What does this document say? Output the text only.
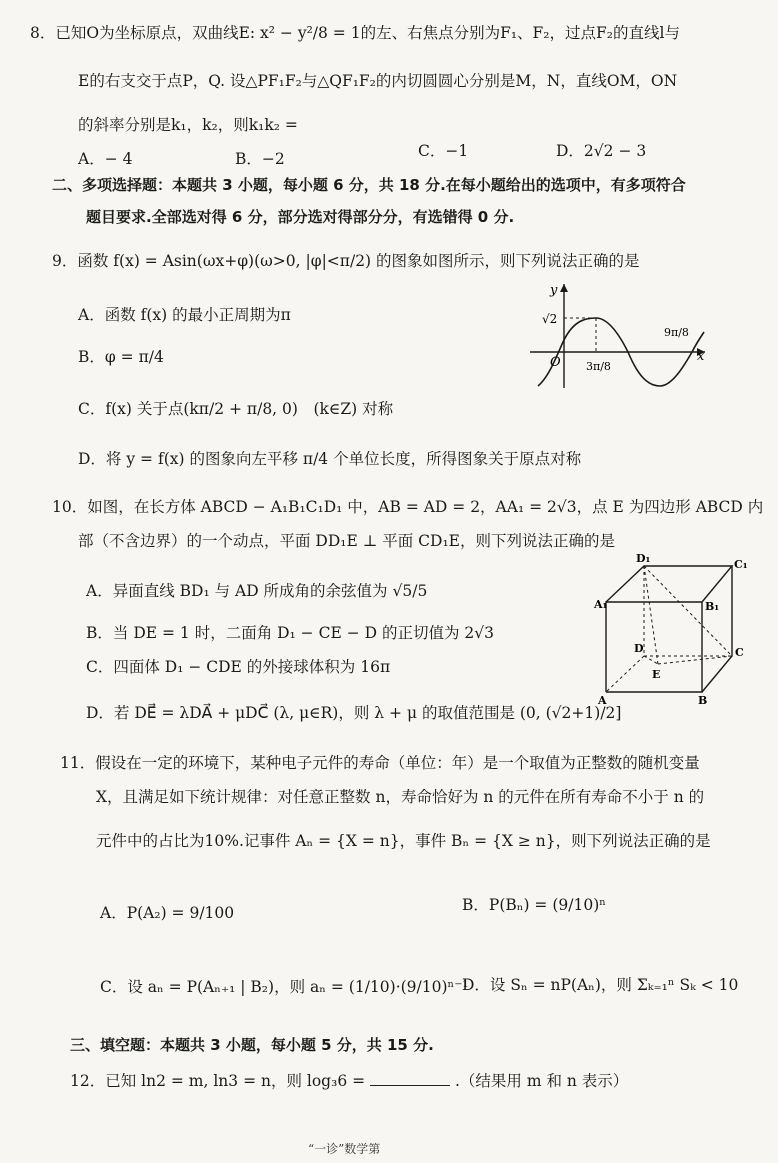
8．已知O为坐标原点，双曲线E: x² − y²/8 = 1的左、右焦点分别为F₁、F₂，过点F₂的直线l与
E的右支交于点P，Q. 设△PF₁F₂与△QF₁F₂的内切圆圆心分别是M，N，直线OM，ON
的斜率分别是k₁，k₂，则k₁k₂ =
A．− 4	B．−2	C．−1	D．2√2 − 3
二、多项选择题：本题共 3 小题，每小题 6 分，共 18 分.在每小题给出的选项中，有多项符合
题目要求.全部选对得 6 分，部分选对得部分分，有选错得 0 分.
9．函数 f(x) = Asin(ωx+φ)(ω>0, |φ|<π/2) 的图象如图所示，则下列说法正确的是
A．函数 f(x) 的最小正周期为π
B．φ = π/4
C．f(x) 关于点(kπ/2 + π/8, 0)　(k∈Z) 对称
D．将 y = f(x) 的图象向左平移 π/4 个单位长度，所得图象关于原点对称
y
x
O
√2
3π/8
9π/8
10．如图，在长方体 ABCD − A₁B₁C₁D₁ 中，AB = AD = 2，AA₁ = 2√3，点 E 为四边形 ABCD 内
部（不含边界）的一个动点，平面 DD₁E ⊥ 平面 CD₁E，则下列说法正确的是
A．异面直线 BD₁ 与 AD 所成角的余弦值为 √5/5
B．当 DE = 1 时，二面角 D₁ − CE − D 的正切值为 2√3
C．四面体 D₁ − CDE 的外接球体积为 16π
D．若 DE⃗ = λDA⃗ + μDC⃗ (λ, μ∈R)，则 λ + μ 的取值范围是 (0, (√2+1)/2]
D₁	C₁
A₁	B₁
D	C
E
A	B
11．假设在一定的环境下，某种电子元件的寿命（单位：年）是一个取值为正整数的随机变量
X，且满足如下统计规律：对任意正整数 n，寿命恰好为 n 的元件在所有寿命不小于 n 的
元件中的占比为10%.记事件 Aₙ = {X = n}，事件 Bₙ = {X ≥ n}，则下列说法正确的是
A．P(A₂) = 9/100	B．P(Bₙ) = (9/10)ⁿ
C．设 aₙ = P(Aₙ₊₁ | B₂)，则 aₙ = (1/10)·(9/10)ⁿ⁻¹
D．设 Sₙ = nP(Aₙ)，则 Σₖ₌₁ⁿ Sₖ < 10
三、填空题：本题共 3 小题，每小题 5 分，共 15 分.
12．已知 ln2 = m, ln3 = n，则 log₃6 =	.（结果用 m 和 n 表示）
“一诊”数学第
